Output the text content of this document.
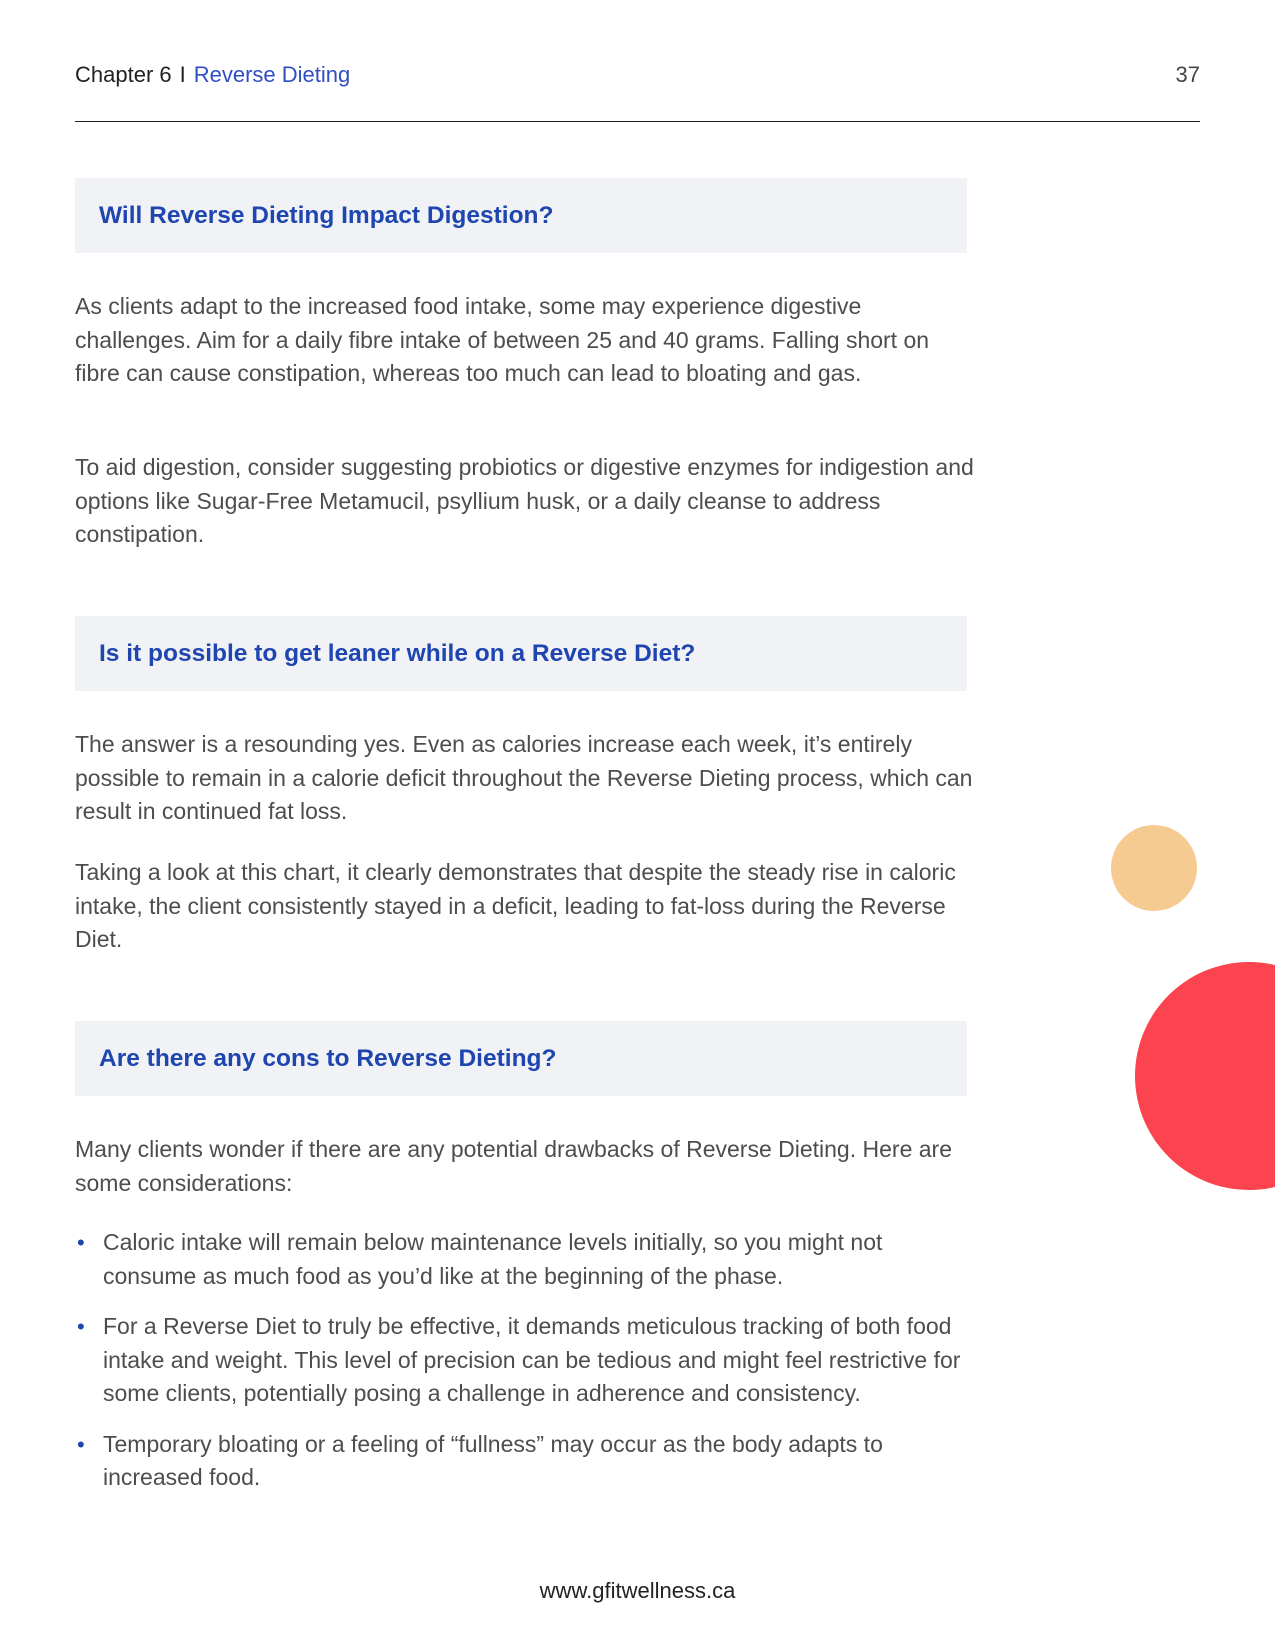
Chapter 6 I Reverse Dieting	37
Will Reverse Dieting Impact Digestion?

As clients adapt to the increased food intake, some may experience digestive challenges. Aim for a daily fibre intake of between 25 and 40 grams. Falling short on fibre can cause constipation, whereas too much can lead to bloating and gas.

To aid digestion, consider suggesting probiotics or digestive enzymes for indigestion and options like Sugar-Free Metamucil, psyllium husk, or a daily cleanse to address constipation.

Is it possible to get leaner while on a Reverse Diet?

The answer is a resounding yes. Even as calories increase each week, it’s entirely possible to remain in a calorie deficit throughout the Reverse Dieting process, which can result in continued fat loss.

Taking a look at this chart, it clearly demonstrates that despite the steady rise in caloric intake, the client consistently stayed in a deficit, leading to fat-loss during the Reverse Diet.

Are there any cons to Reverse Dieting?

Many clients wonder if there are any potential drawbacks of Reverse Dieting. Here are some considerations:

• Caloric intake will remain below maintenance levels initially, so you might not consume as much food as you’d like at the beginning of the phase.
• For a Reverse Diet to truly be effective, it demands meticulous tracking of both food intake and weight. This level of precision can be tedious and might feel restrictive for some clients, potentially posing a challenge in adherence and consistency.
• Temporary bloating or a feeling of “fullness” may occur as the body adapts to increased food.
www.gfitwellness.ca
